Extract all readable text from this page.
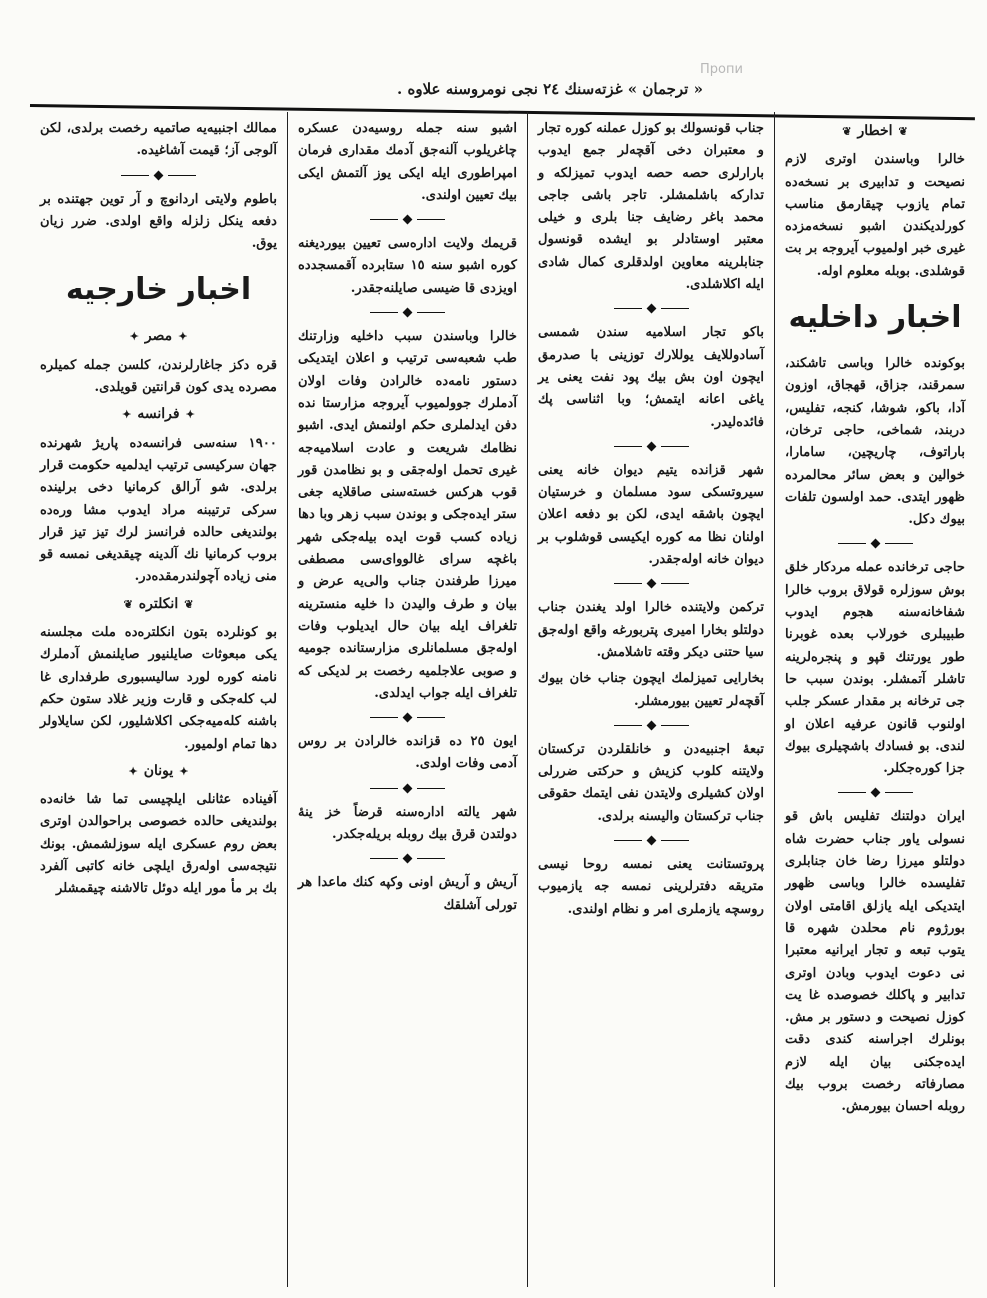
Пропи
« ترجمان » غزته‌سنك ٢٤ نجی نومروسنه علاوه .
❦اخطار❦

خالرا وباسندن اوتری لازم نصیحت و تدابیری بر نسخه‌ده تمام یازوب چیقارمق مناسب كورلدیكندن اشبو نسخه‌مزده غیری خبر اولمیوب آیروجه بر بت قوشلدی. بوبله معلوم اوله.

اخبار داخلیه

بوكونده خالرا وباسی تاشكند، سمرقند، جزاق، قهجاق، اوزون آدا، باكو، شوشا، كنجه، تفلیس، دربند، شماخی، حاجی ترخان، باراتوف، چاریچین، سامارا، خوالین و بعض سائر محالمرده ظهور ایتدی. حمد اولسون تلفات بیوك دكل.

حاجی ترخانده عمله مردكار خلق بوش سوزلره قولاق بروب خالرا شفاخانه‌سنه هجوم ایدوب طبیبلری خورلاب بعده غوبرنا طور یورتنك قپو و پنجره‌لرینه تاشلر آتمشلر. بوندن سبب حا جی ترخانه بر مقدار عسكر جلب اولنوب قانون عرفیه اعلان او لندی. بو فسادك باشچیلری بیوك جزا كوره‌جكلر.

ایران دولتنك تفلیس باش قو نسولی یاور جناب حضرت شاه دولتلو میرزا رضا خان جنابلری تفلیسده خالرا وباسی ظهور ایتدیكی ایله یازلق اقامتی اولان بورژوم نام محلدن شهره قا یتوب تبعه و تجار ایرانیه معتبرا نی دعوت ایدوب وبادن اوتری تدابیر و پاكلك خصوصده غا یت كوزل نصیحت و دستور بر مش. بونلرك اجراسنه كندی دقت ایده‌جكنی بیان ایله لازم مصارفاته رخصت بروب بیك روبله احسان بیورمش.

جناب قونسولك بو كوزل عملنه كوره تجار و معتبران دخی آقچه‌لر جمع ایدوب بارارلری حصه حصه ایدوب تمیزلكه و تداركه باشلمشلر. تاجر باشی جاجی محمد باغر رضایف جنا بلری و خیلی معتبر اوستادلر بو ایشده قونسول جنابلرینه معاوین اولدقلری كمال شادی ایله اكلاشلدی.

باكو تجار اسلامیه سندن شمسی آسادوللایف یوللارك توزینی با صدرمق ایچون اون بش بیك پود نفت یعنی یر یاغی اعانه ایتمش؛ وبا اثناسی پك فائده‌لیدر.

شهر قزانده یتیم دیوان خانه یعنی سیروتسكی سود مسلمان و خرستیان ایچون باشقه ایدی، لكن بو دفعه اعلان اولنان نظا مه كوره ایكیسی قوشلوب بر دیوان خانه اوله‌جقدر.

تركمن ولایتنده خالرا اولد یغندن جناب دولتلو بخارا امیری پتربورغه واقع اوله‌جق سیا حتنی دیكر وقته تاشلامش.

بخارایی تمیزلمك ایچون جناب خان بیوك آقچه‌لر تعیین بیورمشلر.

تبعهٔ اجنبیه‌دن و خانلقلردن تركستان ولایتنه كلوب كزیش و حركتی ضررلی اولان كشیلری ولایتدن نفی ایتمك حقوقی جناب تركستان والیسنه برلدی.

پروتستانت یعنی نمسه روحا نیسی متریقه دفترلرینی نمسه جه یازمیوب روسچه یازملری امر و نظام اولندی.

اشبو سنه جمله روسیه‌دن عسكره چاغریلوب آلنه‌جق آدمك مقداری فرمان امپراطوری ایله ایكی یوز آلتمش ایكی بیك تعیین اولندی.

قریمك ولایت اداره‌سی تعیین بیوردیغنه كوره اشبو سنه ١٥ ستابرده آقمسجدده اویزدی قا ضیسی صایلنه‌جقدر.

خالرا وباسندن سبب داخلیه وزارتنك طب شعبه‌سی ترتیب و اعلان ایتدیكی دستور نامه‌ده خالرادن وفات اولان آدملرك جوولمیوب آیروجه مزارستا نده دفن ایدلملری حكم اولنمش ایدی. اشبو نظامك شریعت و عادت اسلامیه‌جه غیری تحمل اوله‌جقی و بو نظامدن قور قوب هركس خسته‌سنی صاقلایه جغی ستر ایده‌جكی و بوندن سبب زهر وبا دها زیاده كسب قوت ایده بیله‌جكی شهر باغچه سرای غالووای‌سی مصطفی میرزا طرفندن جناب والی‌یه عرض و بیان و طرف والیدن دا خلیه منسترینه تلغراف ایله بیان حال ایدیلوب وفات اوله‌جق مسلمانلری مزارستانده جومیه و صوبی علاجلمیه رخصت بر لدیكی كه تلغراف ایله جواب ایدلدی.

ایون ٢٥ ده قزانده خالرادن بر روس آدمی وفات اولدی.

شهر یالته اداره‌سنه قرضاً خز ینهٔ دولتدن قرق بیك روبله بریله‌جكدر.

آریش و آریش اونی وكپه كنك ماعدا هر تورلی آشلقك

ممالك اجنبیه‌یه صاتمیه رخصت برلدی، لكن آلوجی آز؛ قیمت آشاغیده.

باطوم ولایتی اردانوچ و آر توین جهتنده بر دفعه ینكل زلزله واقع اولدی. ضرر زیان یوق.

اخبار خارجیه
✦مصر✦

قره دكز جاغارلرندن، كلسن جمله كمیلره مصرده یدی كون قرانتین قویلدی.

✦فرانسه✦

١٩٠٠ سنه‌سی فرانسه‌ده پاریژ شهرنده جهان سركیسی ترتیب ایدلمیه حكومت قرار برلدی. شو آرالق كرمانیا دخی برلینده سركی ترتیبنه مراد ایدوب مشا وره‌ده بولندیغی حالده فرانسز لرك تیز تیز قرار بروب كرمانیا نك آلدینه چیقدیغی نمسه قو منی زیاده آچولندرمقده‌در.

❦انكلتره❦

بو كونلرده بتون انكلتره‌ده ملت مجلسنه یكی مبعوثات صایلنیور صایلنمش آدملرك نامنه كوره لورد سالیسبوری طرفداری غا لب كله‌جكی و قارت وزیر غلاد ستون حكم باشنه كله‌میه‌جكی اكلاشلیور، لكن سایلاولر دها تمام اولمیور.

✦یونان✦

آفینادە عثانلی ایلچیسی تما شا خانه‌ده بولندیغی حالده خصوصی براحوالدن اوتری بعض روم عسكری ایله سوزلشمش. بونك نتیجه‌سی اوله‌رق ایلچی خانه كاتبی آلفرد بك بر مأ مور ایله دوئل تالاشنه چیقمشلر
